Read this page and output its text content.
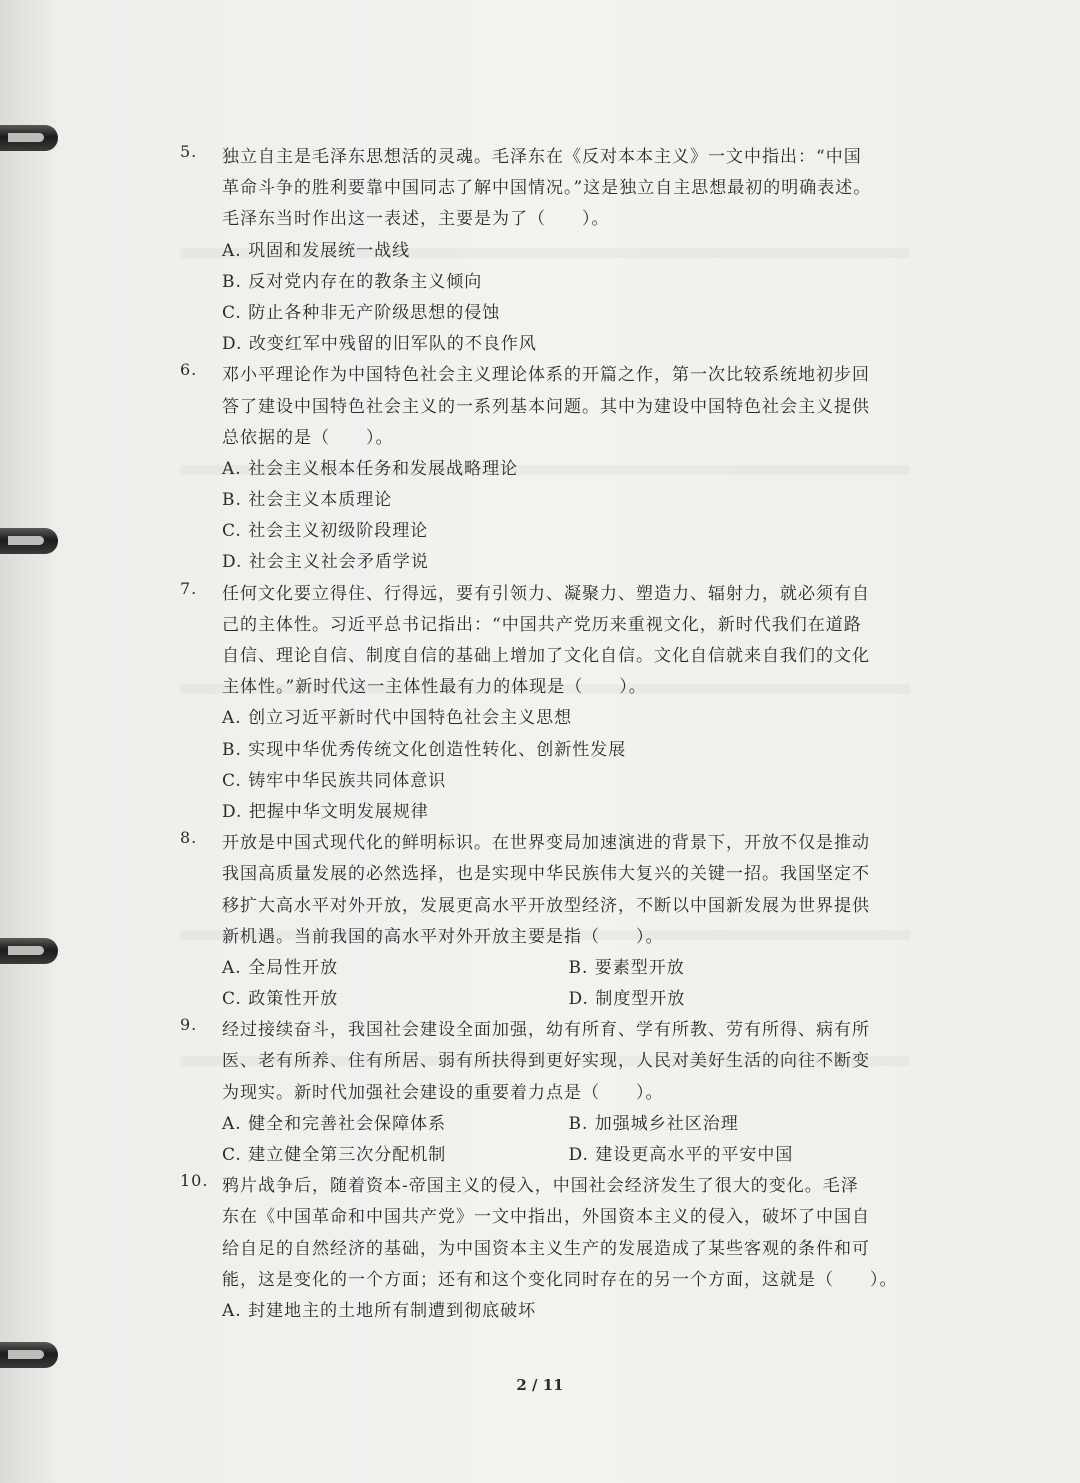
5.	独立自主是毛泽东思想活的灵魂。毛泽东在《反对本本主义》一文中指出：“中国
革命斗争的胜利要靠中国同志了解中国情况。”这是独立自主思想最初的明确表述。
毛泽东当时作出这一表述，主要是为了（　　）。
A. 巩固和发展统一战线
B. 反对党内存在的教条主义倾向
C. 防止各种非无产阶级思想的侵蚀
D. 改变红军中残留的旧军队的不良作风
6.	邓小平理论作为中国特色社会主义理论体系的开篇之作，第一次比较系统地初步回
答了建设中国特色社会主义的一系列基本问题。其中为建设中国特色社会主义提供
总依据的是（　　）。
A. 社会主义根本任务和发展战略理论
B. 社会主义本质理论
C. 社会主义初级阶段理论
D. 社会主义社会矛盾学说
7.	任何文化要立得住、行得远，要有引领力、凝聚力、塑造力、辐射力，就必须有自
己的主体性。习近平总书记指出：“中国共产党历来重视文化，新时代我们在道路
自信、理论自信、制度自信的基础上增加了文化自信。文化自信就来自我们的文化
主体性。”新时代这一主体性最有力的体现是（　　）。
A. 创立习近平新时代中国特色社会主义思想
B. 实现中华优秀传统文化创造性转化、创新性发展
C. 铸牢中华民族共同体意识
D. 把握中华文明发展规律
8.	开放是中国式现代化的鲜明标识。在世界变局加速演进的背景下，开放不仅是推动
我国高质量发展的必然选择，也是实现中华民族伟大复兴的关键一招。我国坚定不
移扩大高水平对外开放，发展更高水平开放型经济，不断以中国新发展为世界提供
新机遇。当前我国的高水平对外开放主要是指（　　）。
A. 全局性开放	B. 要素型开放
C. 政策性开放	D. 制度型开放
9.	经过接续奋斗，我国社会建设全面加强，幼有所育、学有所教、劳有所得、病有所
医、老有所养、住有所居、弱有所扶得到更好实现，人民对美好生活的向往不断变
为现实。新时代加强社会建设的重要着力点是（　　）。
A. 健全和完善社会保障体系	B. 加强城乡社区治理
C. 建立健全第三次分配机制	D. 建设更高水平的平安中国
10. 鸦片战争后，随着资本-帝国主义的侵入，中国社会经济发生了很大的变化。毛泽
东在《中国革命和中国共产党》一文中指出，外国资本主义的侵入，破坏了中国自
给自足的自然经济的基础，为中国资本主义生产的发展造成了某些客观的条件和可
能，这是变化的一个方面；还有和这个变化同时存在的另一个方面，这就是（　　）。
A. 封建地主的土地所有制遭到彻底破坏
2 / 11
